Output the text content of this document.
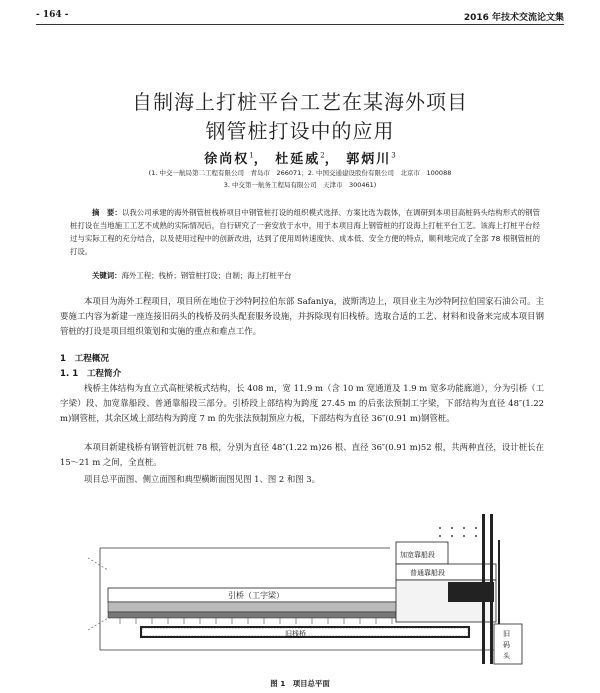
- 164 -	2016 年技术交流论文集
自制海上打桩平台工艺在某海外项目
钢管桩打设中的应用
徐尚权$^1$， 杜延威$^2$， 郭炳川$^3$
(1. 中交一航局第二工程有限公司　青岛市　266071；2. 中国交通建设股份有限公司　北京市　100088
3. 中交第一航务工程局有限公司　天津市　300461)
摘　要：以我公司承建的海外钢管桩栈桥项目中钢管桩打设的组织模式选择、方案比选为载体，在调研到本项目高桩码头结构形式的钢管桩打设在当地施工工艺不成熟的实际情况后，自行研究了一套安放于水中，用于本项目海上钢管桩的打设海上打桩平台工艺。该海上打桩平台经过与实际工程的充分结合，以及使用过程中的创新改进，达到了使用周转速度快、成本低、安全方便的特点，顺利地完成了全部 78 根钢管桩的打设。
关键词：海外工程；栈桥；钢管桩打设；自制；海上打桩平台
本项目为海外工程项目，项目所在地位于沙特阿拉伯东部 Safaniya，波斯湾边上，项目业主为沙特阿拉伯国家石油公司。主要施工内容为新建一座连接旧码头的栈桥及码头配套服务设施，并拆除现有旧栈桥。选取合适的工艺、材料和设备来完成本项目钢管桩的打设是项目组织策划和实施的重点和难点工作。
1　 工程概况
1. 1　 工程简介
栈桥主体结构为直立式高桩梁板式结构，长 408 m，宽 11.9 m（含 10 m 宽通道及 1.9 m 宽多功能廊道），分为引桥（工字梁）段、加宽靠船段、普通靠船段三部分。引桥段上部结构为跨度 27.45 m 的后张法预制工字梁，下部结构为直径 48″(1.22 m)钢管桩，其余区域上部结构为跨度 7 m 的先张法预制预应力板，下部结构为直径 36″(0.91 m)钢管桩。
本项目新建栈桥有钢管桩沉桩 78 根，分别为直径 48″(1.22 m)26 根、直径 36″(0.91 m)52 根，共两种直径，设计桩长在 15～21 m 之间，全直桩。
项目总平面图、侧立面图和典型横断面图见图 1、图 2 和图 3。
引桥（工字梁）
加宽靠船段
普通靠船段
旧栈桥	旧
码
头
图 1　项目总平面
